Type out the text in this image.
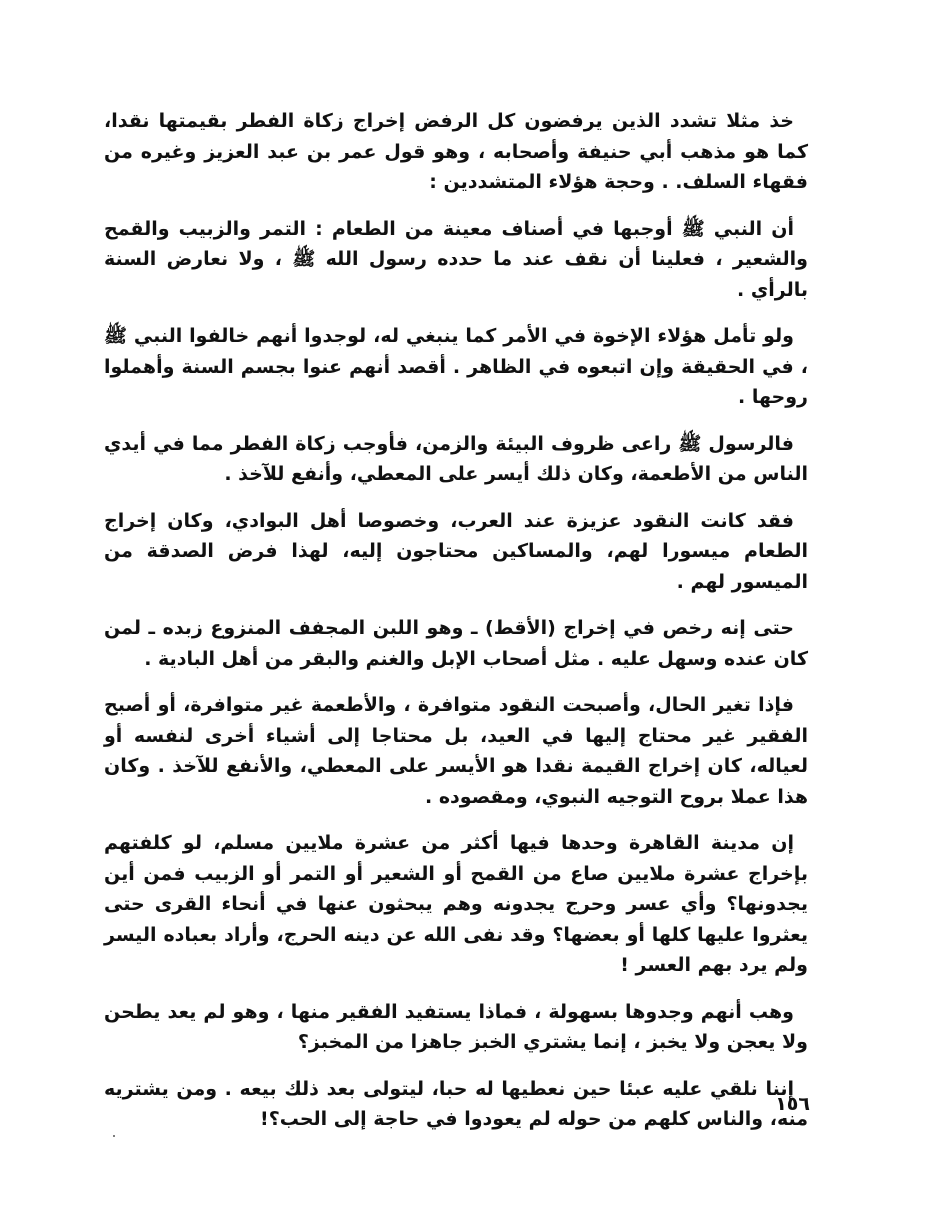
خذ مثلا تشدد الذين يرفضون كل الرفض إخراج زكاة الفطر بقيمتها نقدا، كما هو مذهب أبي حنيفة وأصحابه ، وهو قول عمر بن عبد العزيز وغيره من فقهاء السلف. . وحجة هؤلاء المتشددين :

أن النبي ﷺ أوجبها في أصناف معينة من الطعام : التمر والزبيب والقمح والشعير ، فعلينا أن نقف عند ما حدده رسول الله ﷺ ، ولا نعارض السنة بالرأي .

ولو تأمل هؤلاء الإخوة في الأمر كما ينبغي له، لوجدوا أنهم خالفوا النبي ﷺ ، في الحقيقة وإن اتبعوه في الظاهر . أقصد أنهم عنوا بجسم السنة وأهملوا روحها .

فالرسول ﷺ راعى ظروف البيئة والزمن، فأوجب زكاة الفطر مما في أيدي الناس من الأطعمة، وكان ذلك أيسر على المعطي، وأنفع للآخذ .

فقد كانت النقود عزيزة عند العرب، وخصوصا أهل البوادي، وكان إخراج الطعام ميسورا لهم، والمساكين محتاجون إليه، لهذا فرض الصدقة من الميسور لهم .

حتى إنه رخص في إخراج (الأقط) ـ وهو اللبن المجفف المنزوع زبده ـ لمن كان عنده وسهل عليه . مثل أصحاب الإبل والغنم والبقر من أهل البادية .

فإذا تغير الحال، وأصبحت النقود متوافرة ، والأطعمة غير متوافرة، أو أصبح الفقير غير محتاج إليها في العيد، بل محتاجا إلى أشياء أخرى لنفسه أو لعياله، كان إخراج القيمة نقدا هو الأيسر على المعطي، والأنفع للآخذ . وكان هذا عملا بروح التوجيه النبوي، ومقصوده .

إن مدينة القاهرة وحدها فيها أكثر من عشرة ملايين مسلم، لو كلفتهم بإخراج عشرة ملايين صاع من القمح أو الشعير أو التمر أو الزبيب فمن أين يجدونها؟ وأي عسر وحرج يجدونه وهم يبحثون عنها في أنحاء القرى حتى يعثروا عليها كلها أو بعضها؟ وقد نفى الله عن دينه الحرج، وأراد بعباده اليسر ولم يرد بهم العسر !

وهب أنهم وجدوها بسهولة ، فماذا يستفيد الفقير منها ، وهو لم يعد يطحن ولا يعجن ولا يخبز ، إنما يشتري الخبز جاهزا من المخبز؟

إننا نلقي عليه عبئا حين نعطيها له حبا، ليتولى بعد ذلك بيعه . ومن يشتريه منه، والناس كلهم من حوله لم يعودوا في حاجة إلى الحب؟!

١٥٦
